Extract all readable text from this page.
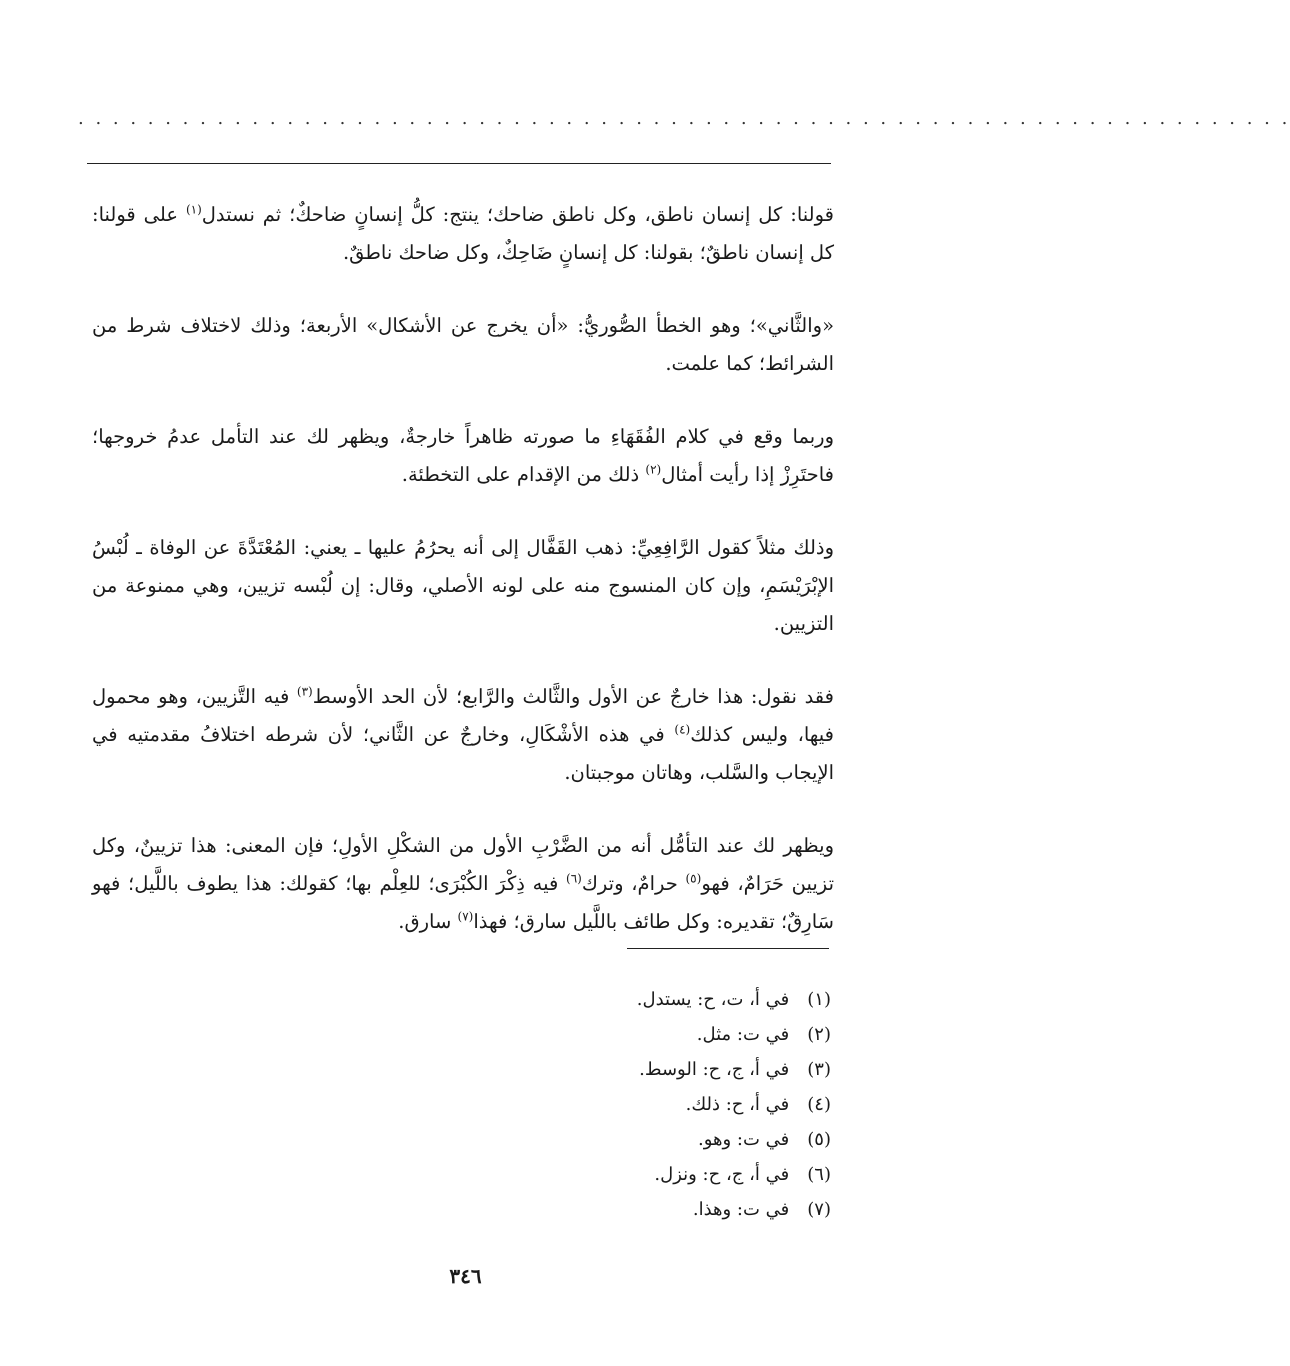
. . . . . . . . . . . . . . . . . . . . . . . . . . . . . . . . . . . . . . . . . . . . . . . . . . . . . . . . . . . . . . . . . . . . . .

قولنا: كل إنسان ناطق، وكل ناطق ضاحك؛ ينتج: كلُّ إنسانٍ ضاحكٌ؛ ثم نستدل$^{(١)}$ على قولنا: كل إنسان ناطقٌ؛ بقولنا: كل إنسانٍ ضَاحِكٌ، وكل ضاحك ناطقٌ.

«والثَّاني»؛ وهو الخطأ الصُّوريُّ: «أن يخرج عن الأشكال» الأربعة؛ وذلك لاختلاف شرط من الشرائط؛ كما علمت.

وربما وقع في كلام الفُقَهَاءِ ما صورته ظاهراً خارجةٌ، ويظهر لك عند التأمل عدمُ خروجها؛ فاحتَرِزْ إذا رأيت أمثال$^{(٢)}$ ذلك من الإقدام على التخطئة.

وذلك مثلاً كقول الرَّافِعِيِّ: ذهب القَفَّال إلى أنه يحرُمُ عليها ـ يعني: المُعْتَدَّةَ عن الوفاة ـ لُبْسُ الإبْرَيْسَمِ، وإن كان المنسوج منه على لونه الأصلي، وقال: إن لُبْسه تزيين، وهي ممنوعة من التزيين.

فقد نقول: هذا خارجٌ عن الأول والثَّالث والرَّابع؛ لأن الحد الأوسط$^{(٣)}$ فيه التَّزيين، وهو محمول فيها، وليس كذلك$^{(٤)}$ في هذه الأشْكَالِ، وخارجٌ عن الثَّاني؛ لأن شرطه اختلافُ مقدمتيه في الإيجاب والسَّلب، وهاتان موجبتان.

ويظهر لك عند التأمُّل أنه من الضَّرْبِ الأول من الشكْلِ الأولِ؛ فإن المعنى: هذا تزيينٌ، وكل تزيين حَرَامٌ، فهو$^{(٥)}$ حرامٌ، وترك$^{(٦)}$ فيه ذِكْرَ الكُبْرَى؛ للعِلْم بها؛ كقولك: هذا يطوف باللَّيل؛ فهو سَارِقٌ؛ تقديره: وكل طائف باللَّيل سارق؛ فهذا$^{(٧)}$ سارق.

(١)في أ، ت، ح: يستدل.
(٢)في ت: مثل.
(٣)في أ، ج، ح: الوسط.
(٤)في أ، ح: ذلك.
(٥)في ت: وهو.
(٦)في أ، ج، ح: ونزل.
(٧)في ت: وهذا.
٣٤٦
